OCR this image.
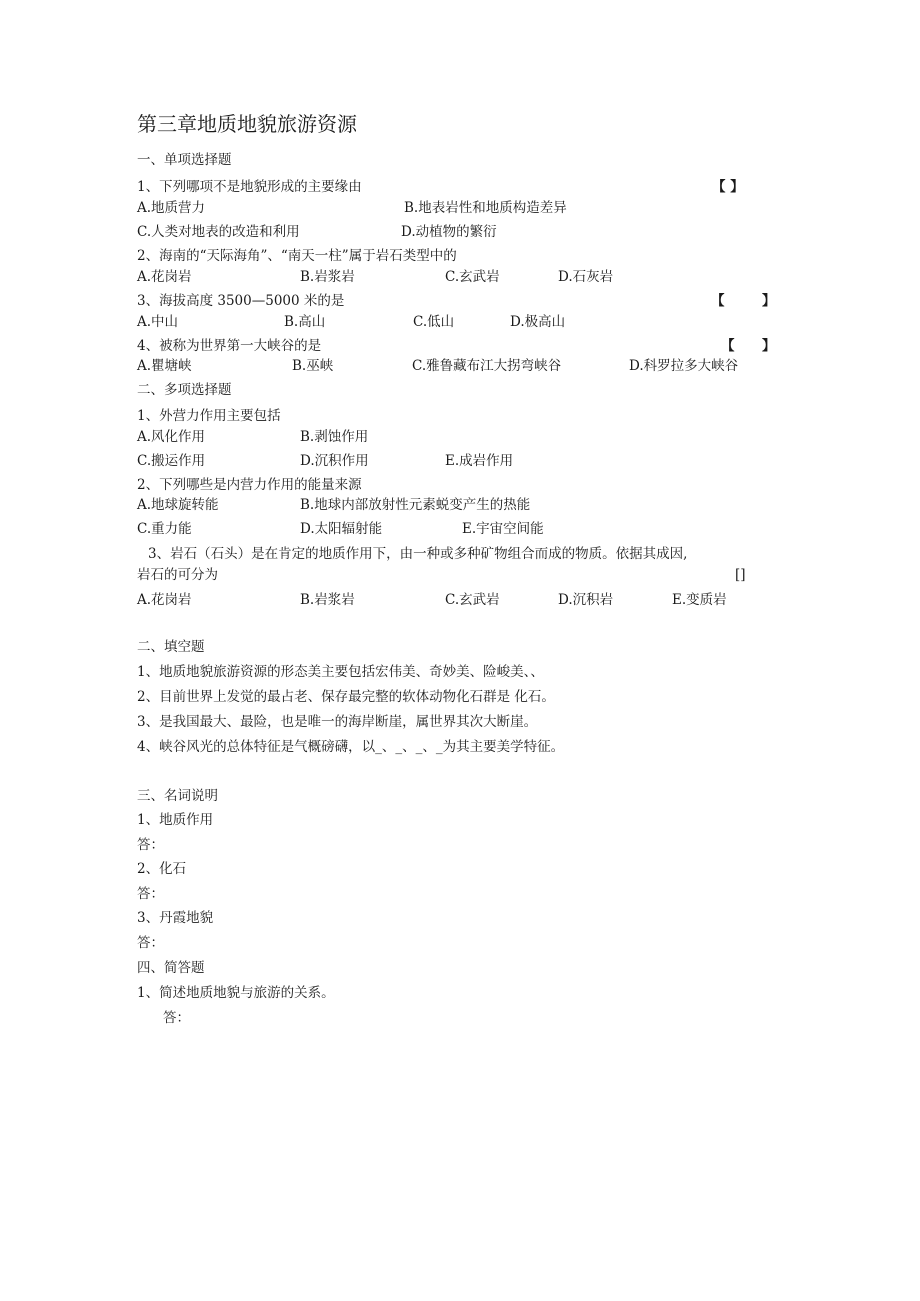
第三章地质地貌旅游资源
一、单项选择题
1、下列哪项不是地貌形成的主要缘由	【 】
A.地质营力	B.地表岩性和地质构造差异
C.人类对地表的改造和利用	D.动植物的繁衍
2、海南的“天际海角”、“南天一柱”属于岩石类型中的
A.花岗岩	B.岩浆岩	C.玄武岩	D.石灰岩
3、海拔高度 3500—5000 米的是	【	】
A.中山	B.高山	C.低山	D.极高山
4、被称为世界第一大峡谷的是	【 】
A.瞿塘峡	B.巫峡	C.雅鲁藏布江大拐弯峡谷	D.科罗拉多大峡谷
二、多项选择题
1、外营力作用主要包括
A.风化作用	B.剥蚀作用
C.搬运作用	D.沉积作用	E.成岩作用
2、下列哪些是内营力作用的能量来源
A.地球旋转能	B.地球内部放射性元素蜕变产生的热能
C.重力能	D.太阳辐射能	E.宇宙空间能
3、岩石（石头）是在肯定的地质作用下，由一种或多种矿物组合而成的物质。依据其成因,
岩石的可分为	[]
A.花岗岩	B.岩浆岩	C.玄武岩	D.沉积岩	E.变质岩
二、填空题
1、地质地貌旅游资源的形态美主要包括宏伟美、奇妙美、险峻美、、
2、目前世界上发觉的最占老、保存最完整的软体动物化石群是 化石。
3、是我国最大、最险，也是唯一的海岸断崖，属世界其次大断崖。
4、峡谷风光的总体特征是气概磅礴，以_、_、_、_为其主要美学特征。
三、名词说明
1、地质作用
答：
2、化石
答：
3、丹霞地貌
答：
四、简答题
1、简述地质地貌与旅游的关系。
答：
